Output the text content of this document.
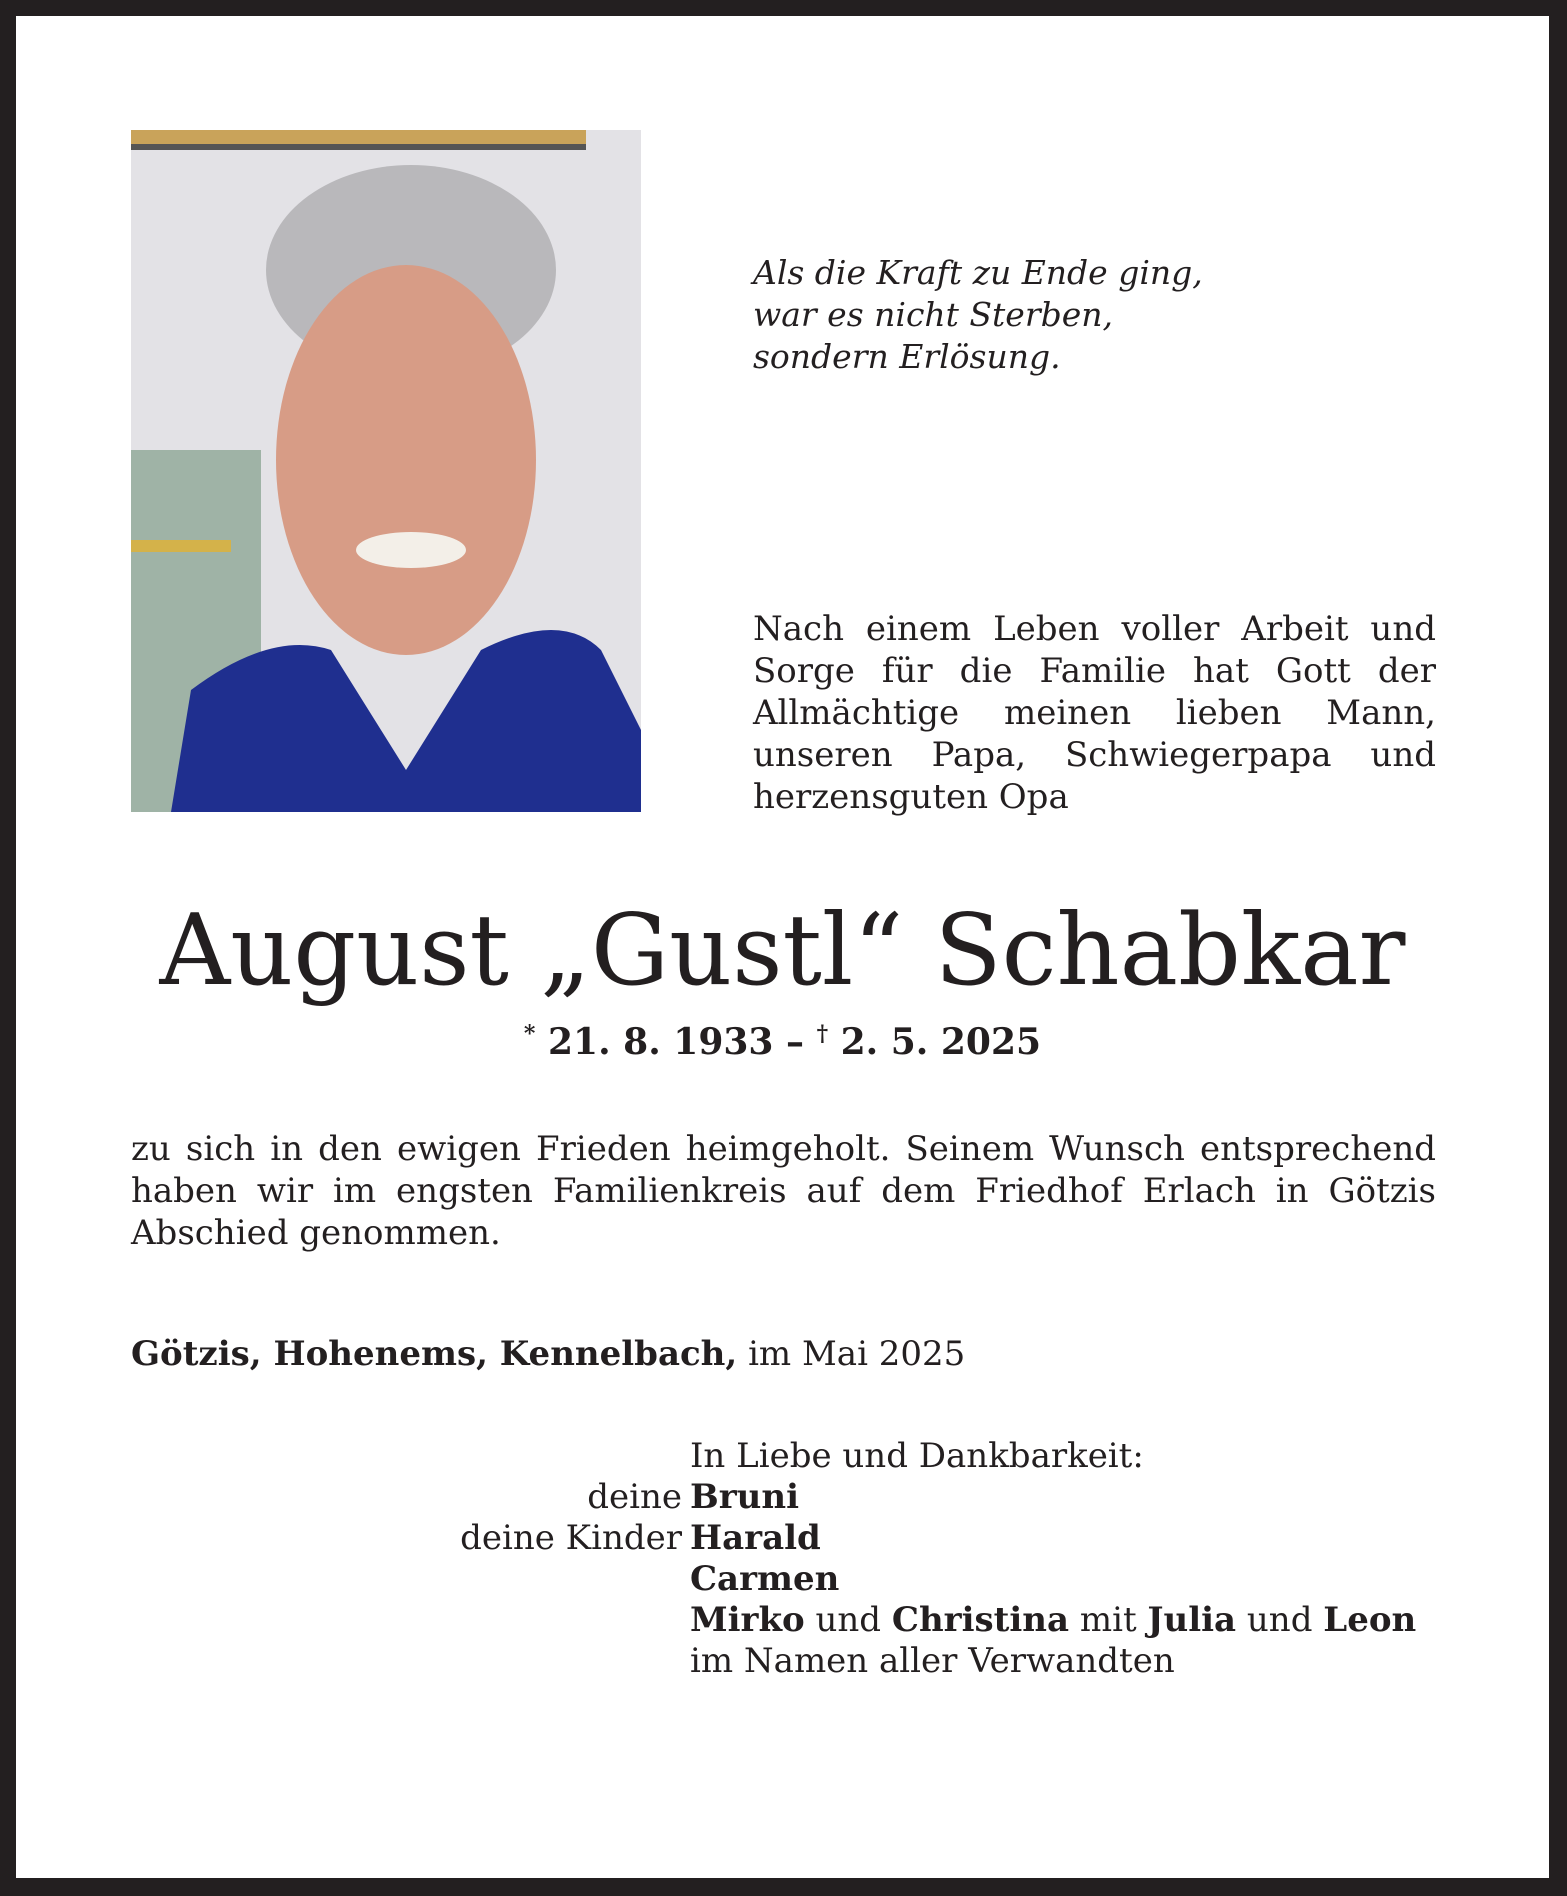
Als die Kraft zu Ende ging,
war es nicht Sterben,
sondern Erlösung.
Nach einem Leben voller Arbeit und Sorge für die Familie hat Gott der Allmächtige meinen lieben Mann, unseren Papa, Schwiegerpapa und herzensguten Opa
August „Gustl“ Schabkar
* 21. 8. 1933 – † 2. 5. 2025
zu sich in den ewigen Frieden heimgeholt. Seinem Wunsch entsprechend haben wir im engsten Familienkreis auf dem Friedhof Erlach in Götzis Abschied genommen.
Götzis, Hohenems, Kennelbach, im Mai 2025
deine
deine Kinder
In Liebe und Dankbarkeit:
Bruni
Harald
Carmen
Mirko und Christina mit Julia und Leon
im Namen aller Verwandten
